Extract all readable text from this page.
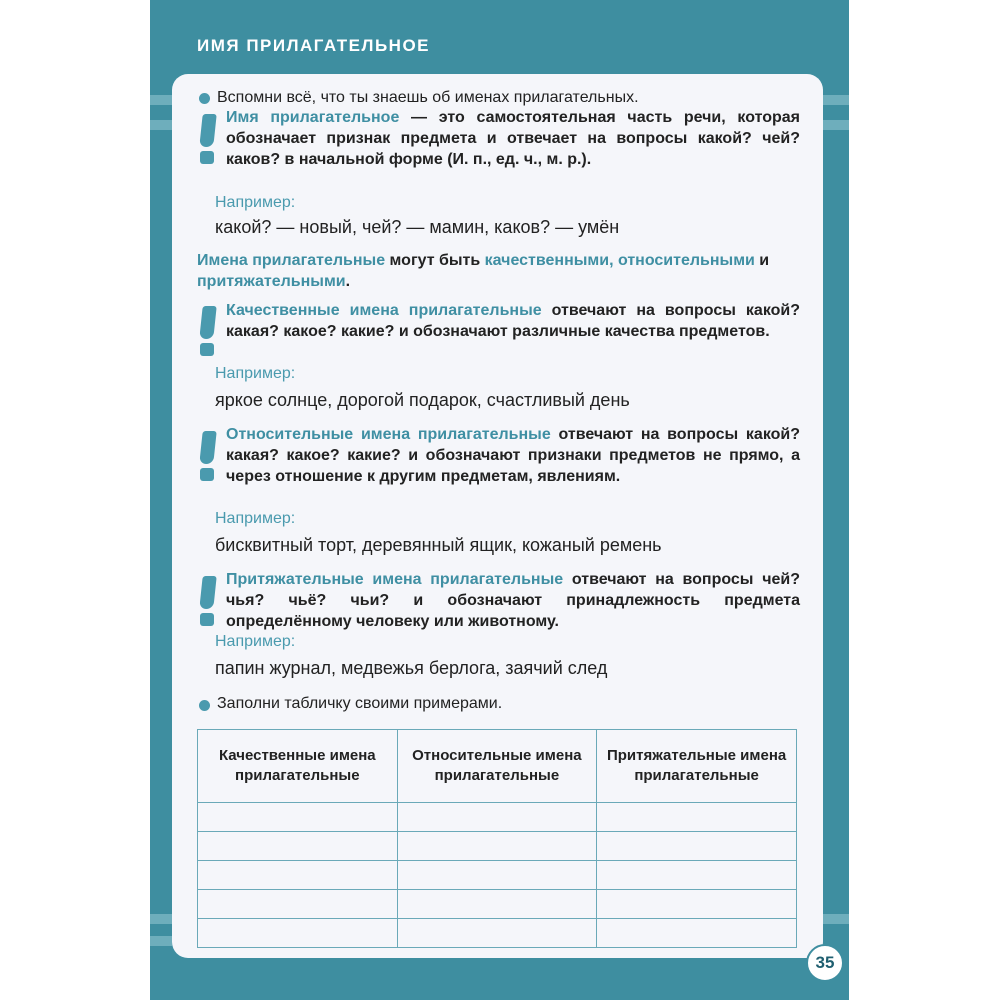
ИМЯ ПРИЛАГАТЕЛЬНОЕ
Вспомни всё, что ты знаешь об именах прилагательных.
Имя прилагательное — это самостоятельная часть речи, которая обозначает признак предмета и отвечает на вопросы какой? чей? каков? в начальной форме (И. п., ед. ч., м. р.).
Например:
какой? — новый, чей? — мамин, каков? — умён
Имена прилагательные могут быть качественными, относительными и притяжательными.
Качественные имена прилагательные отвечают на вопросы какой? какая? какое? какие? и обозначают различные качества предметов.
Например:
яркое солнце, дорогой подарок, счастливый день
Относительные имена прилагательные отвечают на вопросы какой? какая? какое? какие? и обозначают признаки предметов не прямо, а через отношение к другим предметам, явлениям.
Например:
бисквитный торт, деревянный ящик, кожаный ремень
Притяжательные имена прилагательные отвечают на вопросы чей? чья? чьё? чьи? и обозначают принадлежность предмета определённому человеку или животному.
Например:
папин журнал, медвежья берлога, заячий след
Заполни табличку своими примерами.
Качественные имена прилагательные	Относительные имена прилагательные	Притяжательные имена прилагательные

35
